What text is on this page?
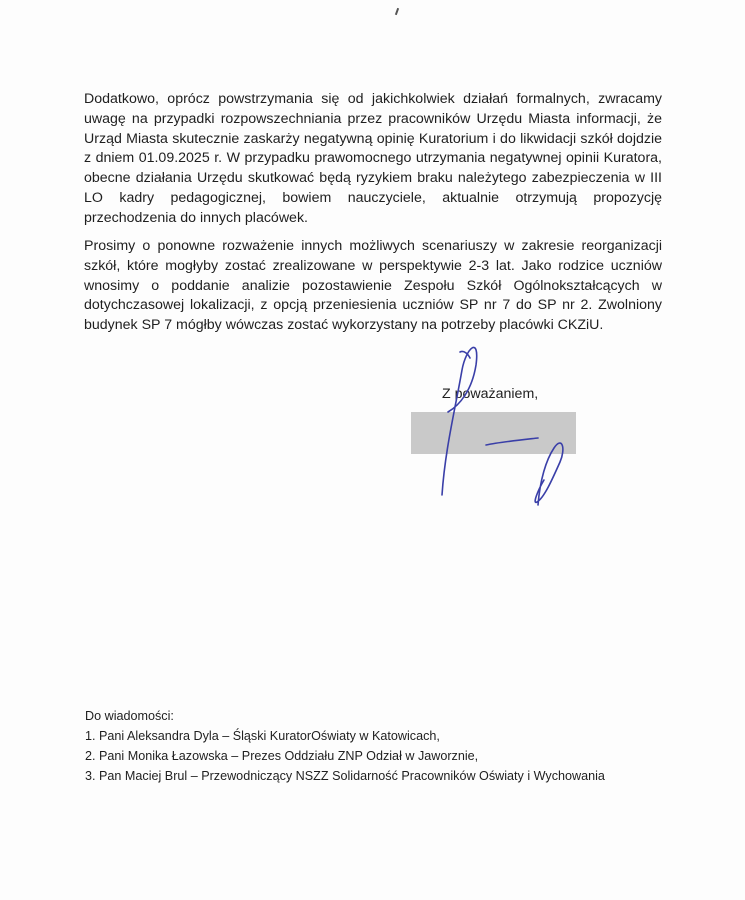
Dodatkowo, oprócz powstrzymania się od jakichkolwiek działań formalnych, zwracamy uwagę na przypadki rozpowszechniania przez pracowników Urzędu Miasta informacji, że Urząd Miasta skutecznie zaskarży negatywną opinię Kuratorium i do likwidacji szkół dojdzie z dniem 01.09.2025 r. W przypadku prawomocnego utrzymania negatywnej opinii Kuratora, obecne działania Urzędu skutkować będą ryzykiem braku należytego zabezpieczenia w III LO kadry pedagogicznej, bowiem nauczyciele, aktualnie otrzymują propozycję przechodzenia do innych placówek.

Prosimy o ponowne rozważenie innych możliwych scenariuszy w zakresie reorganizacji szkół, które mogłyby zostać zrealizowane w perspektywie 2-3 lat. Jako rodzice uczniów wnosimy o poddanie analizie pozostawienie Zespołu Szkół Ogólnokształcących w dotychczasowej lokalizacji, z opcją przeniesienia uczniów SP nr 7 do SP nr 2. Zwolniony budynek SP 7 mógłby wówczas zostać wykorzystany na potrzeby placówki CKZiU.

Z poważaniem,

Do wiadomości:

1. Pani Aleksandra Dyla – Śląski KuratorOświaty w Katowicach,
2. Pani Monika Łazowska – Prezes Oddziału ZNP Odział w Jaworznie,
3. Pan Maciej Brul – Przewodniczący NSZZ Solidarność Pracowników Oświaty i Wychowania
